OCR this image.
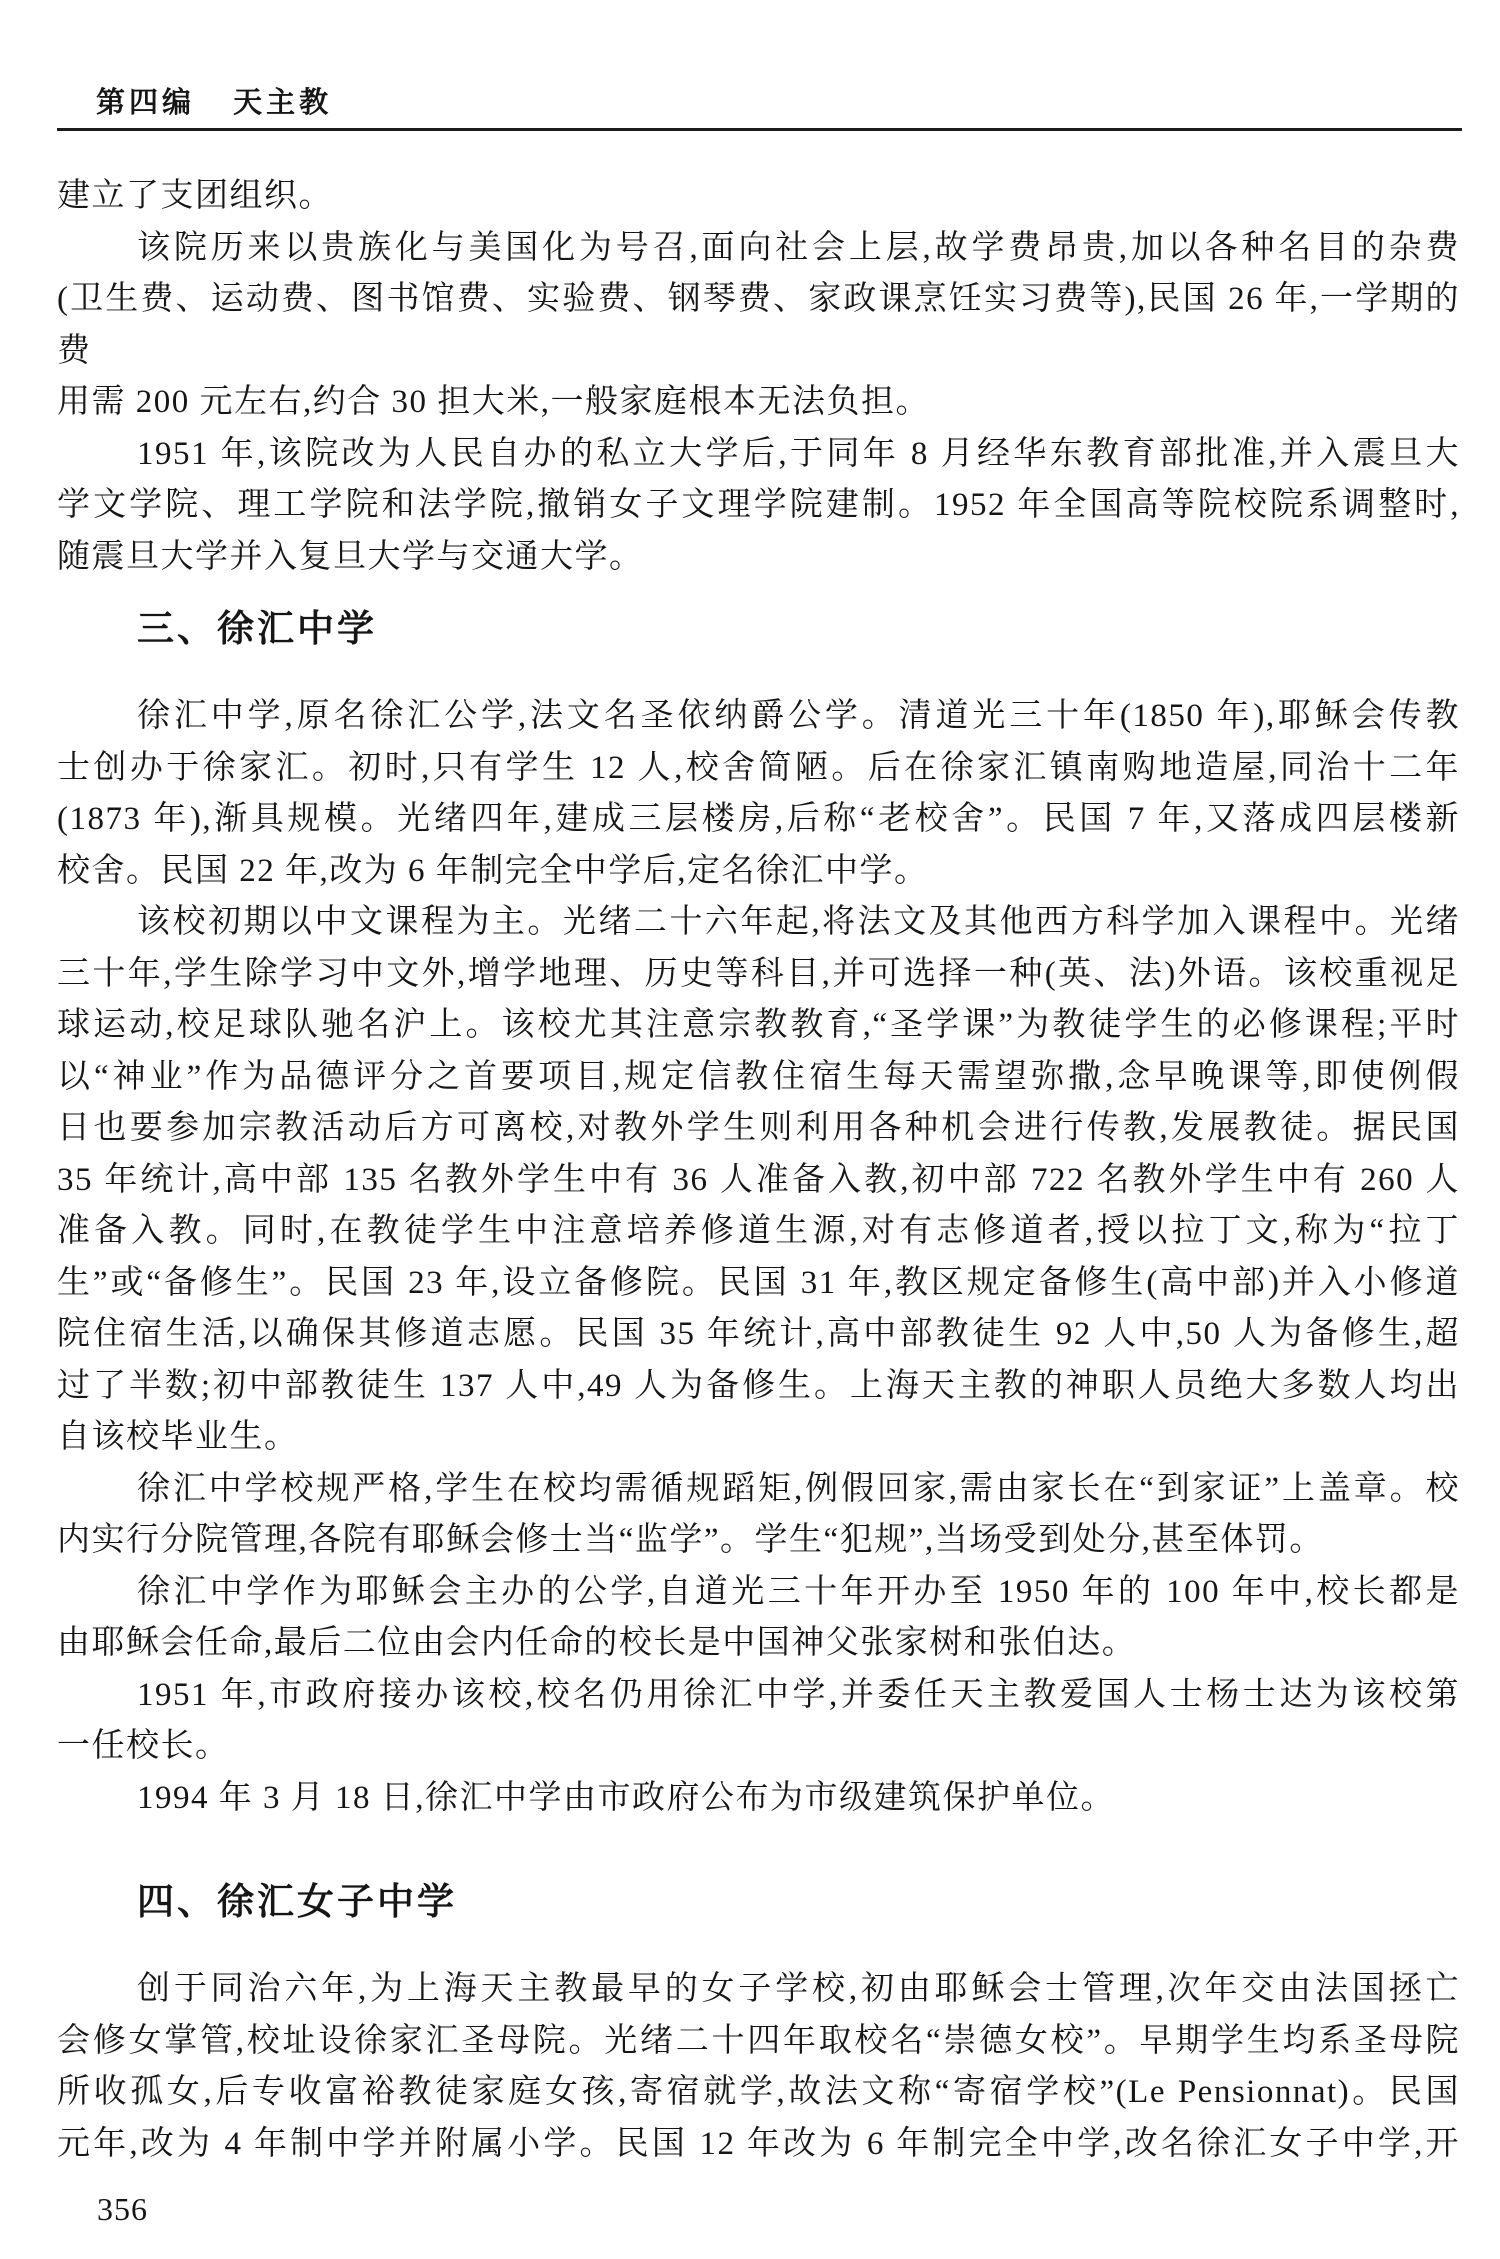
第四编 天主教
建立了支团组织。
该院历来以贵族化与美国化为号召,面向社会上层,故学费昂贵,加以各种名目的杂费
(卫生费、运动费、图书馆费、实验费、钢琴费、家政课烹饪实习费等),民国 26 年,一学期的费
用需 200 元左右,约合 30 担大米,一般家庭根本无法负担。
1951 年,该院改为人民自办的私立大学后,于同年 8 月经华东教育部批准,并入震旦大
学文学院、理工学院和法学院,撤销女子文理学院建制。1952 年全国高等院校院系调整时,
随震旦大学并入复旦大学与交通大学。
三、徐汇中学
徐汇中学,原名徐汇公学,法文名圣依纳爵公学。清道光三十年(1850 年),耶稣会传教
士创办于徐家汇。初时,只有学生 12 人,校舍简陋。后在徐家汇镇南购地造屋,同治十二年
(1873 年),渐具规模。光绪四年,建成三层楼房,后称“老校舍”。民国 7 年,又落成四层楼新
校舍。民国 22 年,改为 6 年制完全中学后,定名徐汇中学。
该校初期以中文课程为主。光绪二十六年起,将法文及其他西方科学加入课程中。光绪
三十年,学生除学习中文外,增学地理、历史等科目,并可选择一种(英、法)外语。该校重视足
球运动,校足球队驰名沪上。该校尤其注意宗教教育,“圣学课”为教徒学生的必修课程;平时
以“神业”作为品德评分之首要项目,规定信教住宿生每天需望弥撒,念早晚课等,即使例假
日也要参加宗教活动后方可离校,对教外学生则利用各种机会进行传教,发展教徒。据民国
35 年统计,高中部 135 名教外学生中有 36 人准备入教,初中部 722 名教外学生中有 260 人
准备入教。同时,在教徒学生中注意培养修道生源,对有志修道者,授以拉丁文,称为“拉丁
生”或“备修生”。民国 23 年,设立备修院。民国 31 年,教区规定备修生(高中部)并入小修道
院住宿生活,以确保其修道志愿。民国 35 年统计,高中部教徒生 92 人中,50 人为备修生,超
过了半数;初中部教徒生 137 人中,49 人为备修生。上海天主教的神职人员绝大多数人均出
自该校毕业生。
徐汇中学校规严格,学生在校均需循规蹈矩,例假回家,需由家长在“到家证”上盖章。校
内实行分院管理,各院有耶稣会修士当“监学”。学生“犯规”,当场受到处分,甚至体罚。
徐汇中学作为耶稣会主办的公学,自道光三十年开办至 1950 年的 100 年中,校长都是
由耶稣会任命,最后二位由会内任命的校长是中国神父张家树和张伯达。
1951 年,市政府接办该校,校名仍用徐汇中学,并委任天主教爱国人士杨士达为该校第
一任校长。
1994 年 3 月 18 日,徐汇中学由市政府公布为市级建筑保护单位。
四、徐汇女子中学
创于同治六年,为上海天主教最早的女子学校,初由耶稣会士管理,次年交由法国拯亡
会修女掌管,校址设徐家汇圣母院。光绪二十四年取校名“崇德女校”。早期学生均系圣母院
所收孤女,后专收富裕教徒家庭女孩,寄宿就学,故法文称“寄宿学校”(Le Pensionnat)。民国
元年,改为 4 年制中学并附属小学。民国 12 年改为 6 年制完全中学,改名徐汇女子中学,开
356
